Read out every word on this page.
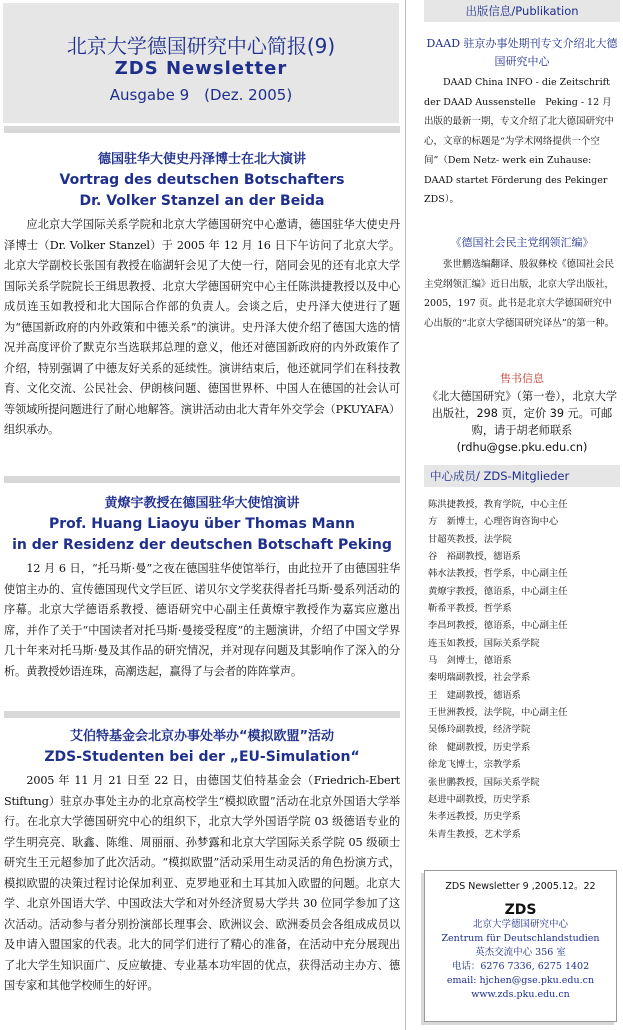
北京大学德国研究中心简报(9)
ZDS Newsletter
Ausgabe 9　(Dez. 2005)
德国驻华大使史丹泽博士在北大演讲
Vortrag des deutschen Botschafters
Dr. Volker Stanzel an der Beida

应北京大学国际关系学院和北京大学德国研究中心邀请，德国驻华大使史丹泽博士（Dr. Volker Stanzel）于 2005 年 12 月 16 日下午访问了北京大学。北京大学副校长张国有教授在临湖轩会见了大使一行，陪同会见的还有北京大学国际关系学院院长王缉思教授、北京大学德国研究中心主任陈洪捷教授以及中心成员连玉如教授和北大国际合作部的负责人。会谈之后，史丹泽大使进行了题为“德国新政府的内外政策和中德关系”的演讲。史丹泽大使介绍了德国大选的情况并高度评价了默克尔当选联邦总理的意义，他还对德国新政府的内外政策作了介绍，特别强调了中德友好关系的延续性。演讲结束后，他还就同学们在科技教育、文化交流、公民社会、伊朗核问题、德国世界杯、中国人在德国的社会认可等领域所提问题进行了耐心地解答。演讲活动由北大青年外交学会（PKUYAFA）组织承办。

黄燎宇教授在德国驻华大使馆演讲
Prof. Huang Liaoyu über Thomas Mann
in der Residenz der deutschen Botschaft Peking

12 月 6 日，“托马斯·曼”之夜在德国驻华使馆举行，由此拉开了由德国驻华使馆主办的、宣传德国现代文学巨匠、诺贝尔文学奖获得者托马斯·曼系列活动的序幕。北京大学德语系教授、德语研究中心副主任黄燎宇教授作为嘉宾应邀出席，并作了关于“中国读者对托马斯·曼接受程度”的主题演讲，介绍了中国文学界几十年来对托马斯·曼及其作品的研究情况，并对现存问题及其影响作了深入的分析。黄教授妙语连珠，高潮迭起，赢得了与会者的阵阵掌声。

艾伯特基金会北京办事处举办“模拟欧盟”活动
ZDS-Studenten bei der „EU-Simulation“

2005 年 11 月 21 日至 22 日，由德国艾伯特基金会（Friedrich-Ebert Stiftung）驻京办事处主办的北京高校学生“模拟欧盟”活动在北京外国语大学举行。在北京大学德国研究中心的组织下，北京大学外国语学院 03 级德语专业的学生明亮亮、耿鑫、陈维、周丽丽、孙梦露和北京大学国际关系学院 05 级硕士研究生王元超参加了此次活动。“模拟欧盟”活动采用生动灵活的角色扮演方式，模拟欧盟的决策过程讨论保加利亚、克罗地亚和土耳其加入欧盟的问题。北京大学、北京外国语大学、中国政法大学和对外经济贸易大学共 30 位同学参加了这次活动。活动参与者分别扮演部长理事会、欧洲议会、欧洲委员会各组成成员以及申请入盟国家的代表。北大的同学们进行了精心的准备，在活动中充分展现出了北大学生知识面广、反应敏捷、专业基本功牢固的优点，获得活动主办方、德国专家和其他学校师生的好评。

出版信息/Publikation
DAAD 驻京办事处期刊专文介绍北大德国研究中心
DAAD China INFO - die Zeitschrift der DAAD Aussenstelle　Peking - 12 月出版的最新一期，专文介绍了北大德国研究中心，文章的标题是“为学术网络提供一个空间”（Dem Netz- werk ein Zuhause: DAAD startet Förderung des Pekinger ZDS）。
《德国社会民主党纲领汇编》
张世鹏选编翻译、殷叙彝校《德国社会民主党纲领汇编》近日出版，北京大学出版社，2005，197 页。此书是北京大学德国研究中心出版的“北京大学德国研究译丛”的第一种。
售书信息
《北大德国研究》（第一卷），北京大学出版社，298 页，定价 39 元。可邮购，请于胡老师联系(rdhu@gse.pku.edu.cn)
中心成员/ ZDS-Mitglieder
陈洪捷教授，教育学院，中心主任
方　新博士，心理咨询咨询中心
甘超英教授，法学院
谷　裕副教授，德语系
韩水法教授，哲学系，中心副主任
黄燎宇教授，德语系，中心副主任
靳希平教授，哲学系
李昌珂教授，德语系，中心副主任
连玉如教授，国际关系学院
马　剑博士，德语系
秦明瑞副教授，社会学系
王　建副教授，德语系
王世洲教授，法学院，中心副主任
吴係玲副教授，经济学院
徐　健副教授，历史学系
徐龙飞博士，宗教学系
张世鹏教授，国际关系学院
赵进中副教授，历史学系
朱孝远教授，历史学系
朱青生教授，艺术学系
ZDS Newsletter 9 ,2005.12。22
ZDS
北京大学德国研究中心
Zentrum für Deutschlandstudien
英杰交流中心 356 室
电话：6276 7336, 6275 1402
email: hjchen@gse.pku.edu.cn
www.zds.pku.edu.cn
